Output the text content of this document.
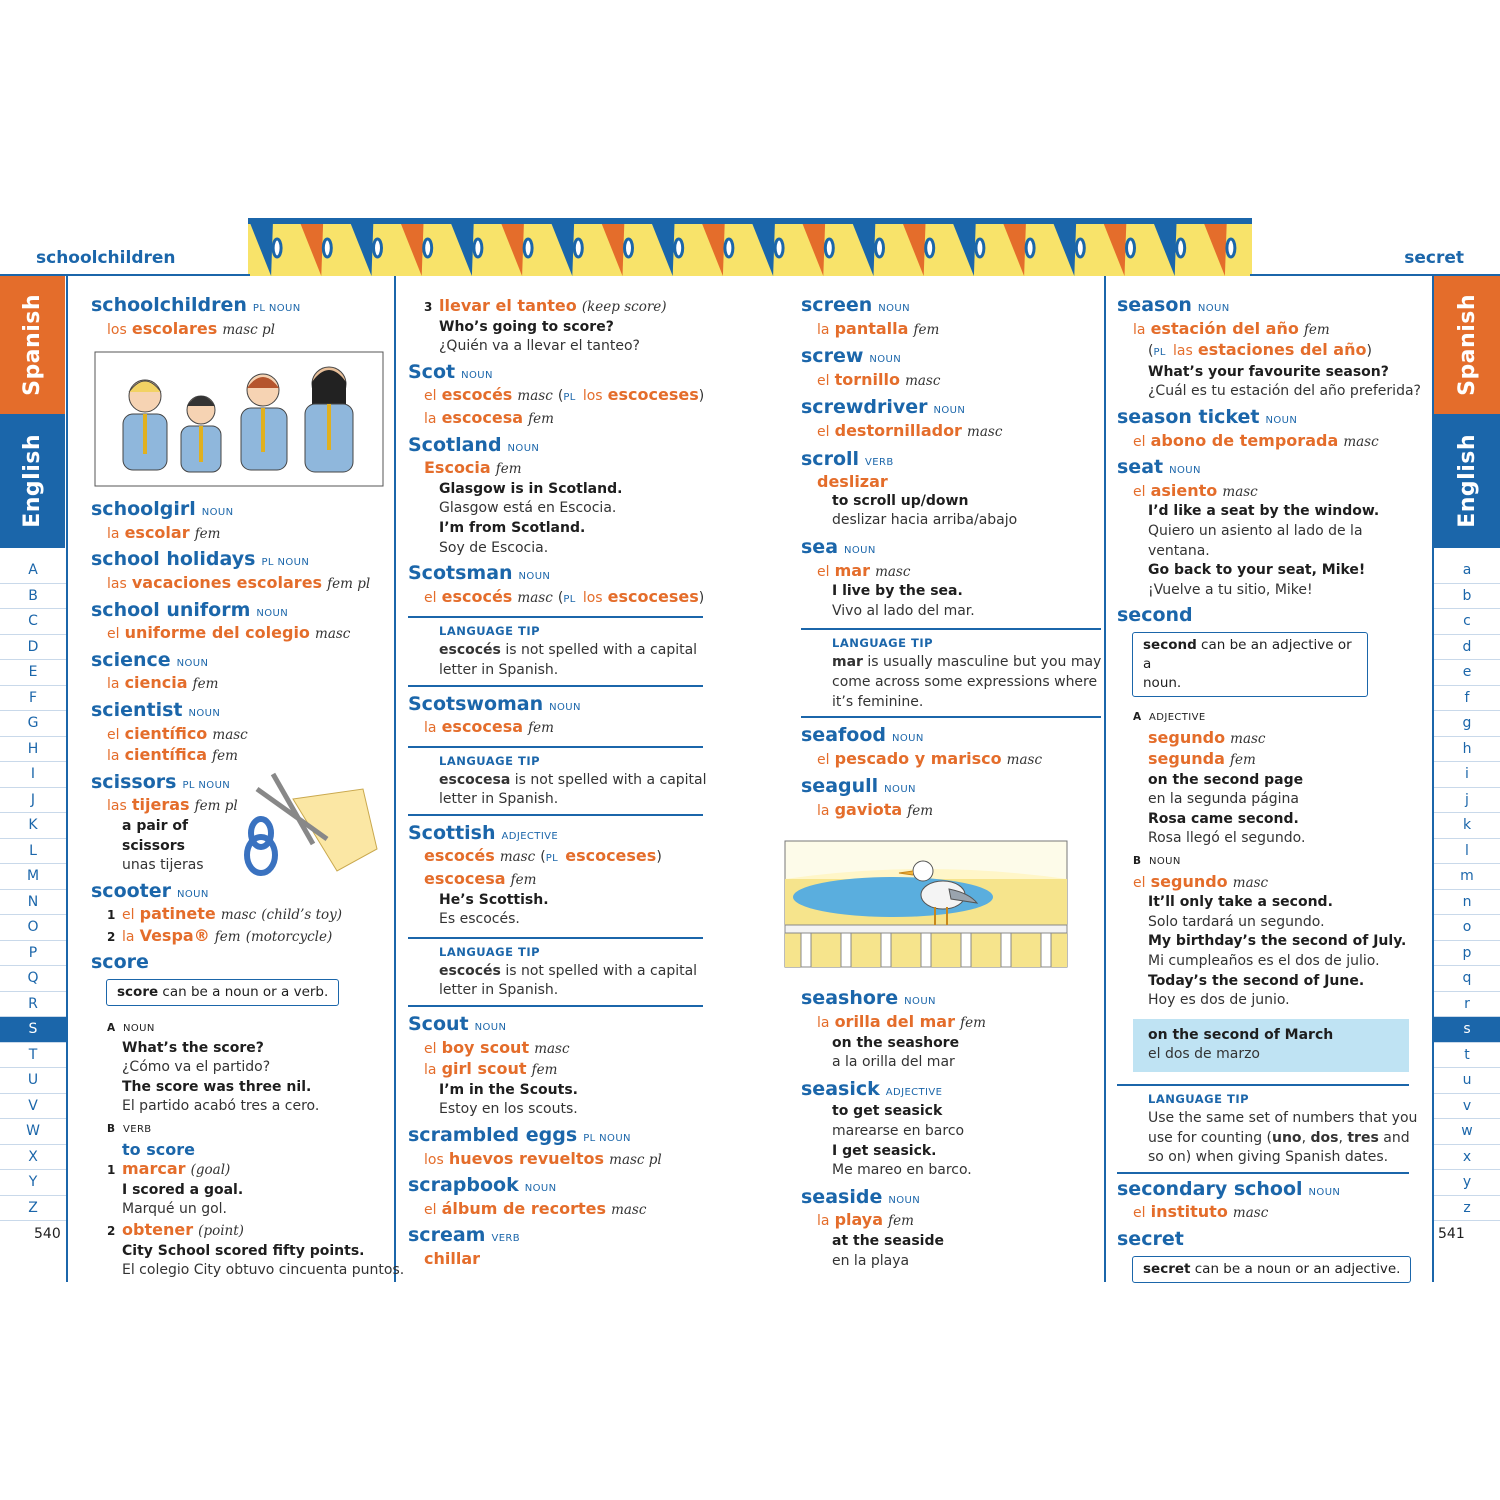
schoolchildren	secret
Spanish
English
Spanish
English
A
B
C
D
E
F
G
H
I
J
K
L
M
N
O
P
Q
R
S
T
U
V
W
X
Y
Z
a
b
c
d
e
f
g
h
i
j
k
l
m
n
o
p
q
r
s
t
u
v
w
x
y
z
540	541
schoolchildren PL NOUN
los escolares masc pl
schoolgirl NOUN
la escolar fem
school holidays PL NOUN
las vacaciones escolares fem pl
school uniform NOUN
el uniforme del colegio masc
science NOUN
la ciencia fem
scientist NOUN
el científico masc
la científica fem
scissors PL NOUN
las tijeras fem pl
a pair of
scissors
unas tijeras
scooter NOUN
1 el patinete masc (child’s toy)
2 la Vespa® fem (motorcycle)
score
score can be a noun or a verb.
A NOUN
What’s the score?
¿Cómo va el partido?
The score was three nil.
El partido acabó tres a cero.
B VERB
to score
1 marcar (goal)
I scored a goal.
Marqué un gol.
2 obtener (point)
City School scored fifty points.
El colegio City obtuvo cincuenta puntos.
3 llevar el tanteo (keep score)
Who’s going to score?
¿Quién va a llevar el tanteo?
Scot NOUN
el escocés masc (PL los escoceses)
la escocesa fem
Scotland NOUN
Escocia fem
Glasgow is in Scotland.
Glasgow está en Escocia.
I’m from Scotland.
Soy de Escocia.
Scotsman NOUN
el escocés masc (PL los escoceses)
LANGUAGE TIP
escocés is not spelled with a capital
letter in Spanish.
Scotswoman NOUN
la escocesa fem
LANGUAGE TIP
escocesa is not spelled with a capital
letter in Spanish.
Scottish ADJECTIVE
escocés masc (PL escoceses)
escocesa fem
He’s Scottish.
Es escocés.
LANGUAGE TIP
escocés is not spelled with a capital
letter in Spanish.
Scout NOUN
el boy scout masc
la girl scout fem
I’m in the Scouts.
Estoy en los scouts.
scrambled eggs PL NOUN
los huevos revueltos masc pl
scrapbook NOUN
el álbum de recortes masc
scream VERB
chillar
screen NOUN
la pantalla fem
screw NOUN
el tornillo masc
screwdriver NOUN
el destornillador masc
scroll VERB
deslizar
to scroll up/down
deslizar hacia arriba/abajo
sea NOUN
el mar masc
I live by the sea.
Vivo al lado del mar.
LANGUAGE TIP
mar is usually masculine but you may
come across some expressions where
it’s feminine.
seafood NOUN
el pescado y marisco masc
seagull NOUN
la gaviota fem
seashore NOUN
la orilla del mar fem
on the seashore
a la orilla del mar
seasick ADJECTIVE
to get seasick
marearse en barco
I get seasick.
Me mareo en barco.
seaside NOUN
la playa fem
at the seaside
en la playa
season NOUN
la estación del año fem
(PL las estaciones del año)
What’s your favourite season?
¿Cuál es tu estación del año preferida?
season ticket NOUN
el abono de temporada masc
seat NOUN
el asiento masc
I’d like a seat by the window.
Quiero un asiento al lado de la
ventana.
Go back to your seat, Mike!
¡Vuelve a tu sitio, Mike!
second
second can be an adjective or a
noun.
A ADJECTIVE
segundo masc
segunda fem
on the second page
en la segunda página
Rosa came second.
Rosa llegó el segundo.
B NOUN
el segundo masc
It’ll only take a second.
Solo tardará un segundo.
My birthday’s the second of July.
Mi cumpleaños es el dos de julio.
Today’s the second of June.
Hoy es dos de junio.
on the second of March
el dos de marzo
LANGUAGE TIP
Use the same set of numbers that you
use for counting (uno, dos, tres and
so on) when giving Spanish dates.
secondary school NOUN
el instituto masc
secret
secret can be a noun or an adjective.
